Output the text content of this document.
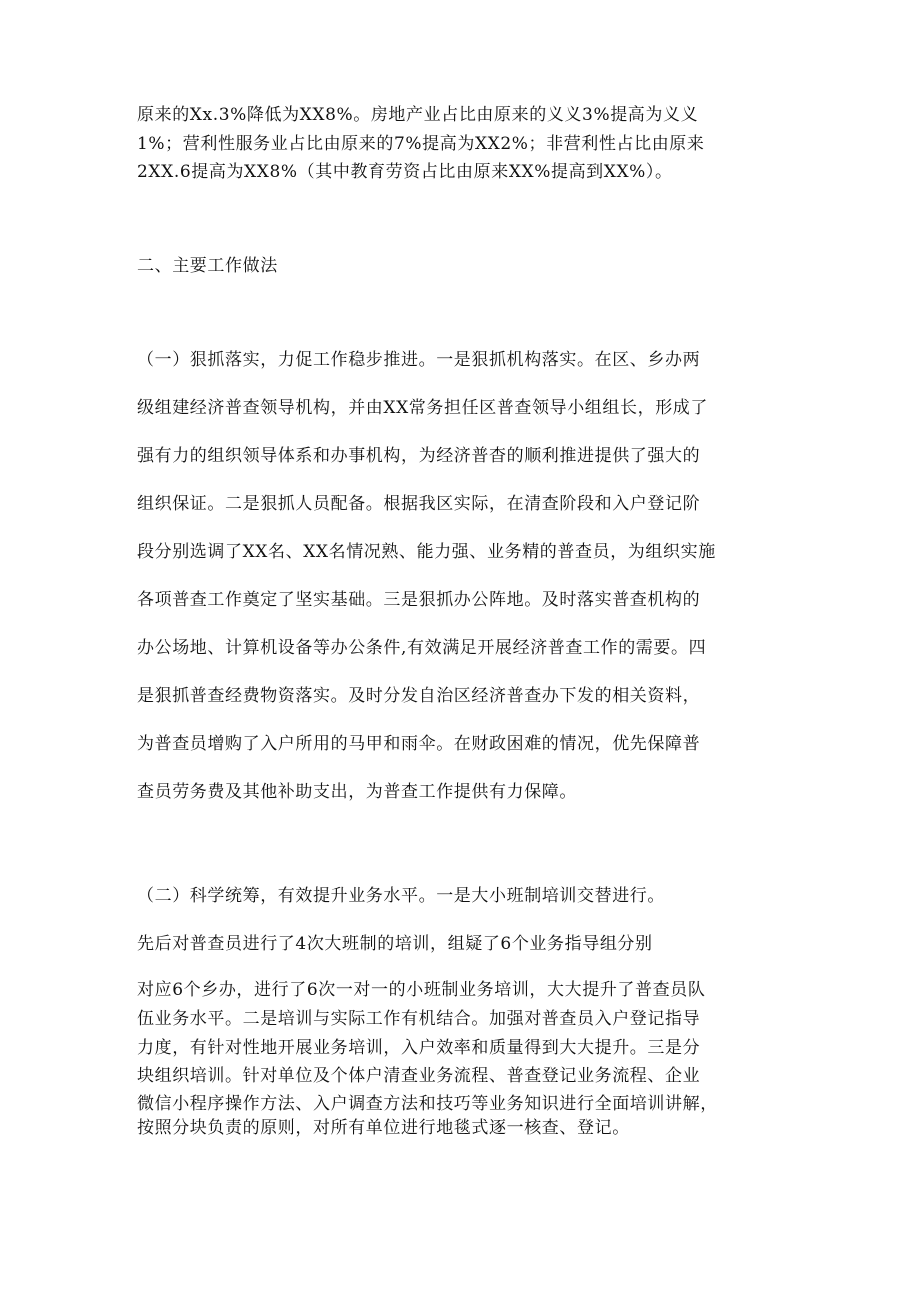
原来的Xx.3%降低为XX8%。房地产业占比由原来的义义3%提高为义义
1%；营利性服务业占比由原来的7%提高为XX2%；非营利性占比由原来
2XX.6提高为XX8%（其中教育劳资占比由原来XX%提高到XX%）。
二、主要工作做法
（一）狠抓落实，力促工作稳步推进。一是狠抓机构落实。在区、乡办两
级组建经济普查领导机构，并由XX常务担任区普查领导小组组长，形成了
强有力的组织领导体系和办事机构，为经济普杳的顺利推进提供了强大的
组织保证。二是狠抓人员配备。根据我区实际，在清查阶段和入户登记阶
段分别选调了XX名、XX名情况熟、能力强、业务精的普查员，为组织实施
各项普查工作奠定了坚实基础。三是狠抓办公阵地。及时落实普查机构的
办公场地、计算机设备等办公条件,有效满足开展经济普查工作的需要。四
是狠抓普查经费物资落实。及时分发自治区经济普查办下发的相关资料，
为普查员增购了入户所用的马甲和雨伞。在财政困难的情况，优先保障普
查员劳务费及其他补助支出，为普查工作提供有力保障。
（二）科学统筹，有效提升业务水平。一是大小班制培训交替进行。
先后对普查员进行了4次大班制的培训，组疑了6个业务指导组分别
对应6个乡办，进行了6次一对一的小班制业务培训，大大提升了普查员队
伍业务水平。二是培训与实际工作有机结合。加强对普查员入户登记指导
力度，有针对性地开展业务培训，入户效率和质量得到大大提升。三是分
块组织培训。针对单位及个体户清查业务流程、普查登记业务流程、企业
微信小程序操作方法、入户调查方法和技巧等业务知识进行全面培训讲解，
按照分块负责的原则，对所有单位进行地毯式逐一核查、登记。
